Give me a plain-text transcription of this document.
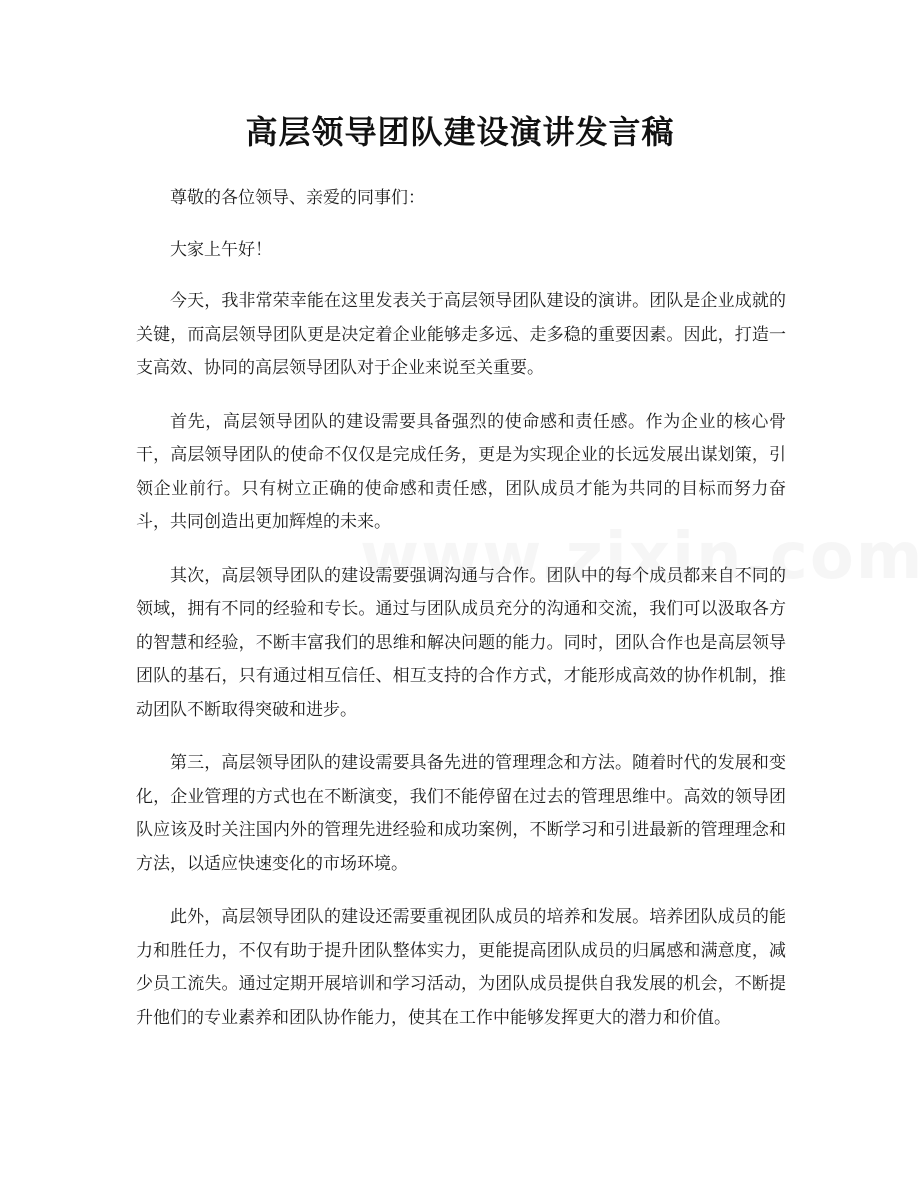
高层领导团队建设演讲发言稿

尊敬的各位领导、亲爱的同事们：

大家上午好！

今天，我非常荣幸能在这里发表关于高层领导团队建设的演讲。团队是企业成就的关键，而高层领导团队更是决定着企业能够走多远、走多稳的重要因素。因此，打造一支高效、协同的高层领导团队对于企业来说至关重要。

首先，高层领导团队的建设需要具备强烈的使命感和责任感。作为企业的核心骨干，高层领导团队的使命不仅仅是完成任务，更是为实现企业的长远发展出谋划策，引领企业前行。只有树立正确的使命感和责任感，团队成员才能为共同的目标而努力奋斗，共同创造出更加辉煌的未来。

其次，高层领导团队的建设需要强调沟通与合作。团队中的每个成员都来自不同的领域，拥有不同的经验和专长。通过与团队成员充分的沟通和交流，我们可以汲取各方的智慧和经验，不断丰富我们的思维和解决问题的能力。同时，团队合作也是高层领导团队的基石，只有通过相互信任、相互支持的合作方式，才能形成高效的协作机制，推动团队不断取得突破和进步。

第三，高层领导团队的建设需要具备先进的管理理念和方法。随着时代的发展和变化，企业管理的方式也在不断演变，我们不能停留在过去的管理思维中。高效的领导团队应该及时关注国内外的管理先进经验和成功案例，不断学习和引进最新的管理理念和方法，以适应快速变化的市场环境。

此外，高层领导团队的建设还需要重视团队成员的培养和发展。培养团队成员的能力和胜任力，不仅有助于提升团队整体实力，更能提高团队成员的归属感和满意度，减少员工流失。通过定期开展培训和学习活动，为团队成员提供自我发展的机会，不断提升他们的专业素养和团队协作能力，使其在工作中能够发挥更大的潜力和价值。
